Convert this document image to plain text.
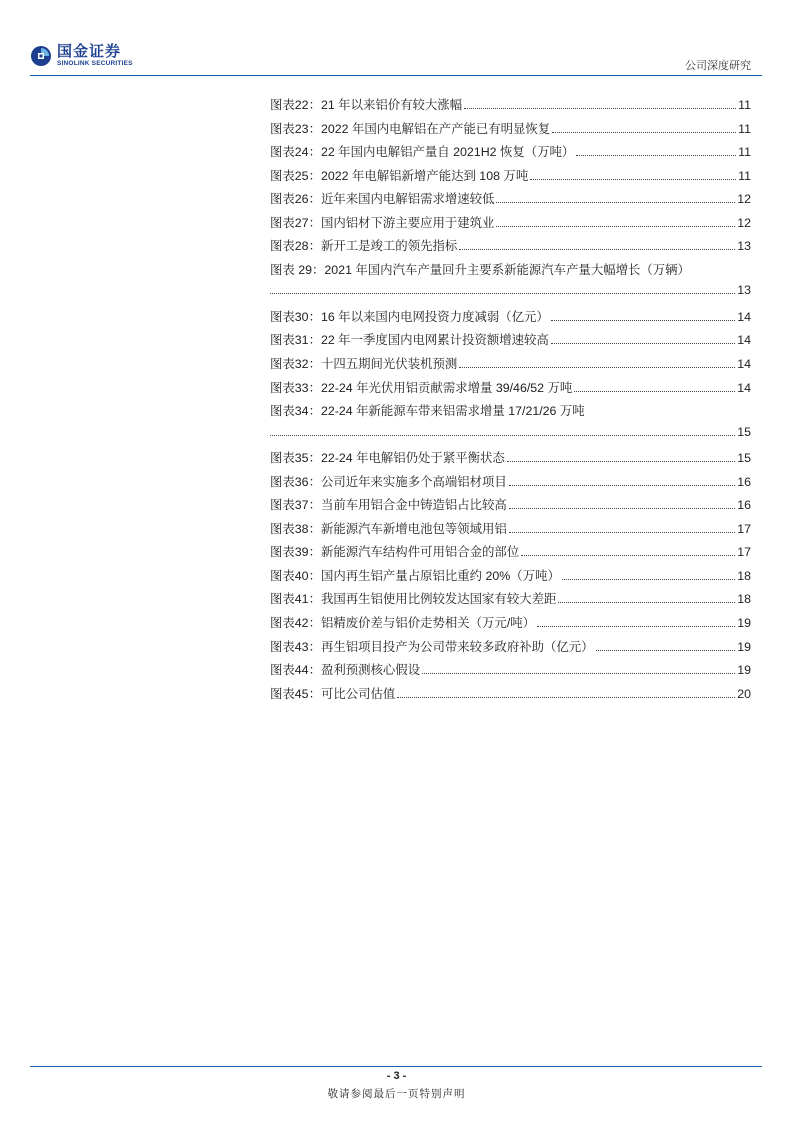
国金证券
SINOLINK SECURITIES	公司深度研究
图表22：21 年以来铝价有较大涨幅	11
图表23：2022 年国内电解铝在产产能已有明显恢复	11
图表24：22 年国内电解铝产量自 2021H2 恢复（万吨）	11
图表25：2022 年电解铝新增产能达到 108 万吨	11
图表26：近年来国内电解铝需求增速较低	12
图表27：国内铝材下游主要应用于建筑业	12
图表28：新开工是竣工的领先指标	13
图表 29：2021 年国内汽车产量回升主要系新能源汽车产量大幅增长（万辆）
13
图表30：16 年以来国内电网投资力度减弱（亿元）	14
图表31：22 年一季度国内电网累计投资额增速较高	14
图表32：十四五期间光伏装机预测	14
图表33：22-24 年光伏用铝贡献需求增量 39/46/52 万吨	14
图表34：22-24 年新能源车带来铝需求增量 17/21/26 万吨
15
图表35：22-24 年电解铝仍处于紧平衡状态	15
图表36：公司近年来实施多个高端铝材项目	16
图表37：当前车用铝合金中铸造铝占比较高	16
图表38：新能源汽车新增电池包等领域用铝	17
图表39：新能源汽车结构件可用铝合金的部位	17
图表40：国内再生铝产量占原铝比重约 20%（万吨）	18
图表41：我国再生铝使用比例较发达国家有较大差距	18
图表42：铝精废价差与铝价走势相关（万元/吨）	19
图表43：再生铝项目投产为公司带来较多政府补助（亿元）	19
图表44：盈利预测核心假设	19
图表45：可比公司估值	20
- 3 -
敬请参阅最后一页特别声明
